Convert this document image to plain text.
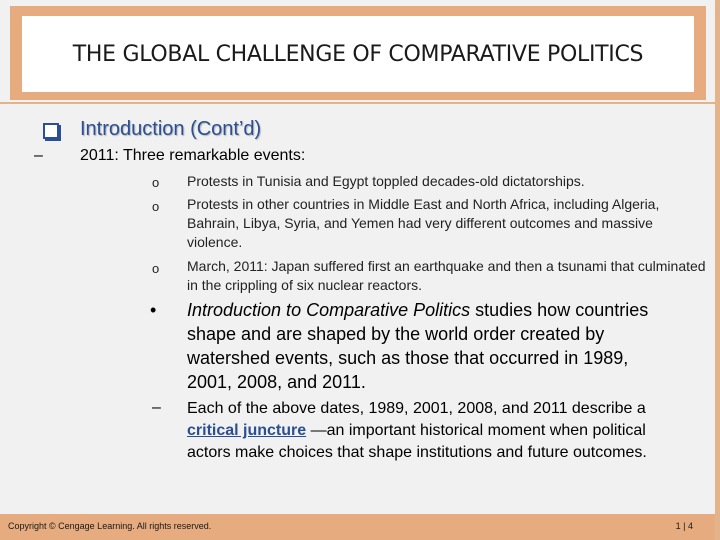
THE GLOBAL CHALLENGE OF COMPARATIVE POLITICS
Introduction (Cont’d)
– 2011: Three remarkable events:
o Protests in Tunisia and Egypt toppled decades-old dictatorships.
o Protests in other countries in Middle East and North Africa, including Algeria, Bahrain, Libya, Syria, and Yemen had very different outcomes and massive violence.
o March, 2011: Japan suffered first an earthquake and then a tsunami that culminated in the crippling of six nuclear reactors.
• Introduction to Comparative Politics studies how countries shape and are shaped by the world order created by watershed events, such as those that occurred in 1989, 2001, 2008, and 2011.
– Each of the above dates, 1989, 2001, 2008, and 2011 describe a critical juncture —an important historical moment when political actors make choices that shape institutions and future outcomes.
Copyright © Cengage Learning. All rights reserved.	1 | 4
